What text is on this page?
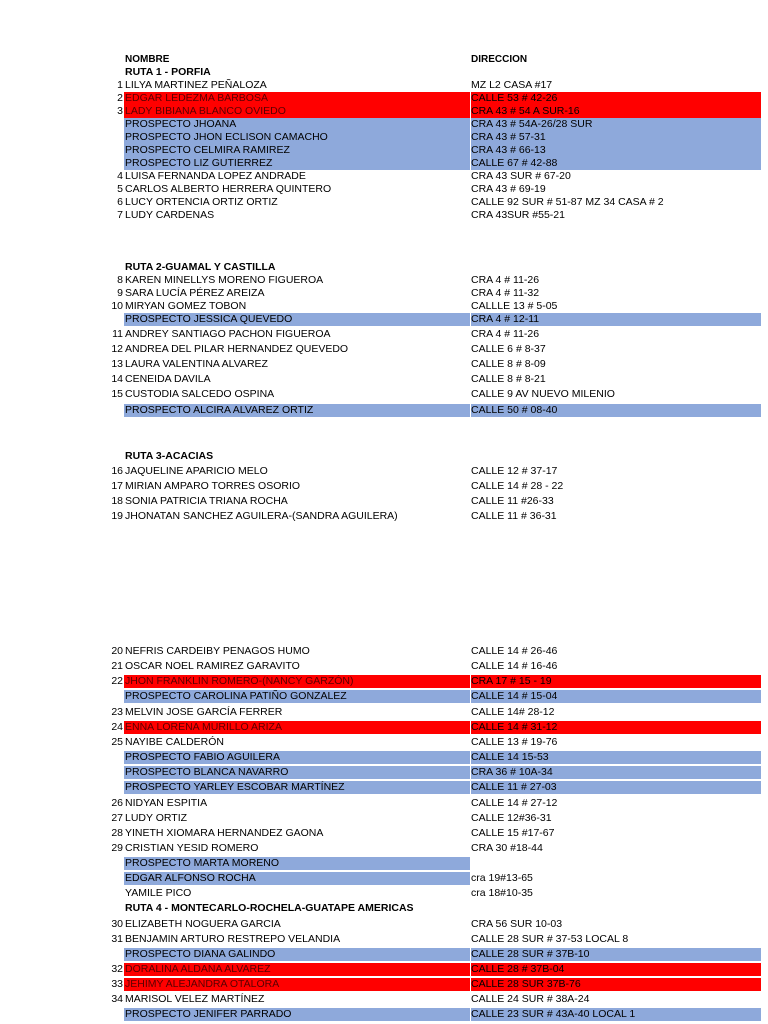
NOMBRE	DIRECCION
RUTA 1 - PORFIA
1 LILYA MARTINEZ PEÑALOZA	MZ L2 CASA #17
2 EDGAR LEDEZMA BARBOSA	CALLE 53 # 42-26
3 LADY BIBIANA BLANCO OVIEDO	CRA 43 # 54 A SUR-16
PROSPECTO JHOANA	CRA 43 # 54A-26/28 SUR
PROSPECTO JHON ECLISON CAMACHO	CRA 43 # 57-31
PROSPECTO CELMIRA RAMIREZ	CRA 43 # 66-13
PROSPECTO LIZ GUTIERREZ	CALLE 67 # 42-88
4 LUISA FERNANDA LOPEZ ANDRADE	CRA 43 SUR # 67-20
5 CARLOS ALBERTO HERRERA QUINTERO	CRA 43 # 69-19
6 LUCY ORTENCIA ORTIZ ORTIZ	CALLE 92 SUR # 51-87 MZ 34 CASA # 2
7 LUDY CARDENAS	CRA 43SUR #55-21
RUTA 2-GUAMAL Y CASTILLA
8 KAREN MINELLYS MORENO FIGUEROA	CRA 4 # 11-26
9 SARA LUCÍA PÉREZ AREIZA	CRA 4 # 11-32
10 MIRYAN GOMEZ TOBON	CALLLE 13 # 5-05
PROSPECTO JESSICA QUEVEDO	CRA 4 # 12-11
11 ANDREY SANTIAGO PACHON FIGUEROA	CRA 4 # 11-26
12 ANDREA DEL PILAR HERNANDEZ QUEVEDO	CALLE 6 # 8-37
13 LAURA VALENTINA ALVAREZ	CALLE 8 # 8-09
14 CENEIDA DAVILA	CALLE 8 # 8-21
15 CUSTODIA SALCEDO OSPINA	CALLE 9 AV NUEVO MILENIO
PROSPECTO ALCIRA ALVAREZ ORTIZ	CALLE 50 # 08-40
RUTA 3-ACACIAS
16 JAQUELINE APARICIO MELO	CALLE 12 # 37-17
17 MIRIAN AMPARO TORRES OSORIO	CALLE 14 # 28 - 22
18 SONIA PATRICIA TRIANA ROCHA	CALLE 11 #26-33
19 JHONATAN SANCHEZ AGUILERA-(SANDRA AGUILERA)	CALLE 11 # 36-31
20 NEFRIS CARDEIBY PENAGOS HUMO	CALLE 14 # 26-46
21 OSCAR NOEL RAMIREZ GARAVITO	CALLE 14 # 16-46
22 JHON FRANKLIN ROMERO-(NANCY GARZÓN)	CRA 17 # 15 - 19
PROSPECTO CAROLINA PATIÑO GONZALEZ	CALLE 14 # 15-04
23 MELVIN JOSE GARCÍA FERRER	CALLE 14# 28-12
24 ENNA LORENA MURILLO ARIZA	CALLE 14 # 31-12
25 NAYIBE CALDERÓN	CALLE 13 # 19-76
PROSPECTO FABIO AGUILERA	CALLE 14 15-53
PROSPECTO BLANCA NAVARRO	CRA 36 # 10A-34
PROSPECTO YARLEY ESCOBAR MARTÍNEZ	CALLE 11 # 27-03
26 NIDYAN ESPITIA	CALLE 14 # 27-12
27 LUDY ORTIZ	CALLE 12#36-31
28 YINETH XIOMARA HERNANDEZ GAONA	CALLE 15 #17-67
29 CRISTIAN YESID ROMERO	CRA 30 #18-44
PROSPECTO MARTA MORENO
EDGAR ALFONSO ROCHA	cra 19#13-65
YAMILE PICO	cra 18#10-35
RUTA 4 - MONTECARLO-ROCHELA-GUATAPE AMERICAS
30 ELIZABETH NOGUERA GARCIA	CRA 56 SUR 10-03
31 BENJAMIN ARTURO RESTREPO VELANDIA	CALLE 28 SUR # 37-53 LOCAL 8
PROSPECTO DIANA GALINDO	CALLE 28 SUR # 37B-10
32 DORALINA ALDANA ALVAREZ	CALLE 28 # 37B-04
33 JEHIMY ALEJANDRA OTALORA	CALLE 28 SUR 37B-76
34 MARISOL VELEZ MARTÍNEZ	CALLE 24 SUR # 38A-24
PROSPECTO JENIFER PARRADO	CALLE 23 SUR # 43A-40 LOCAL 1
